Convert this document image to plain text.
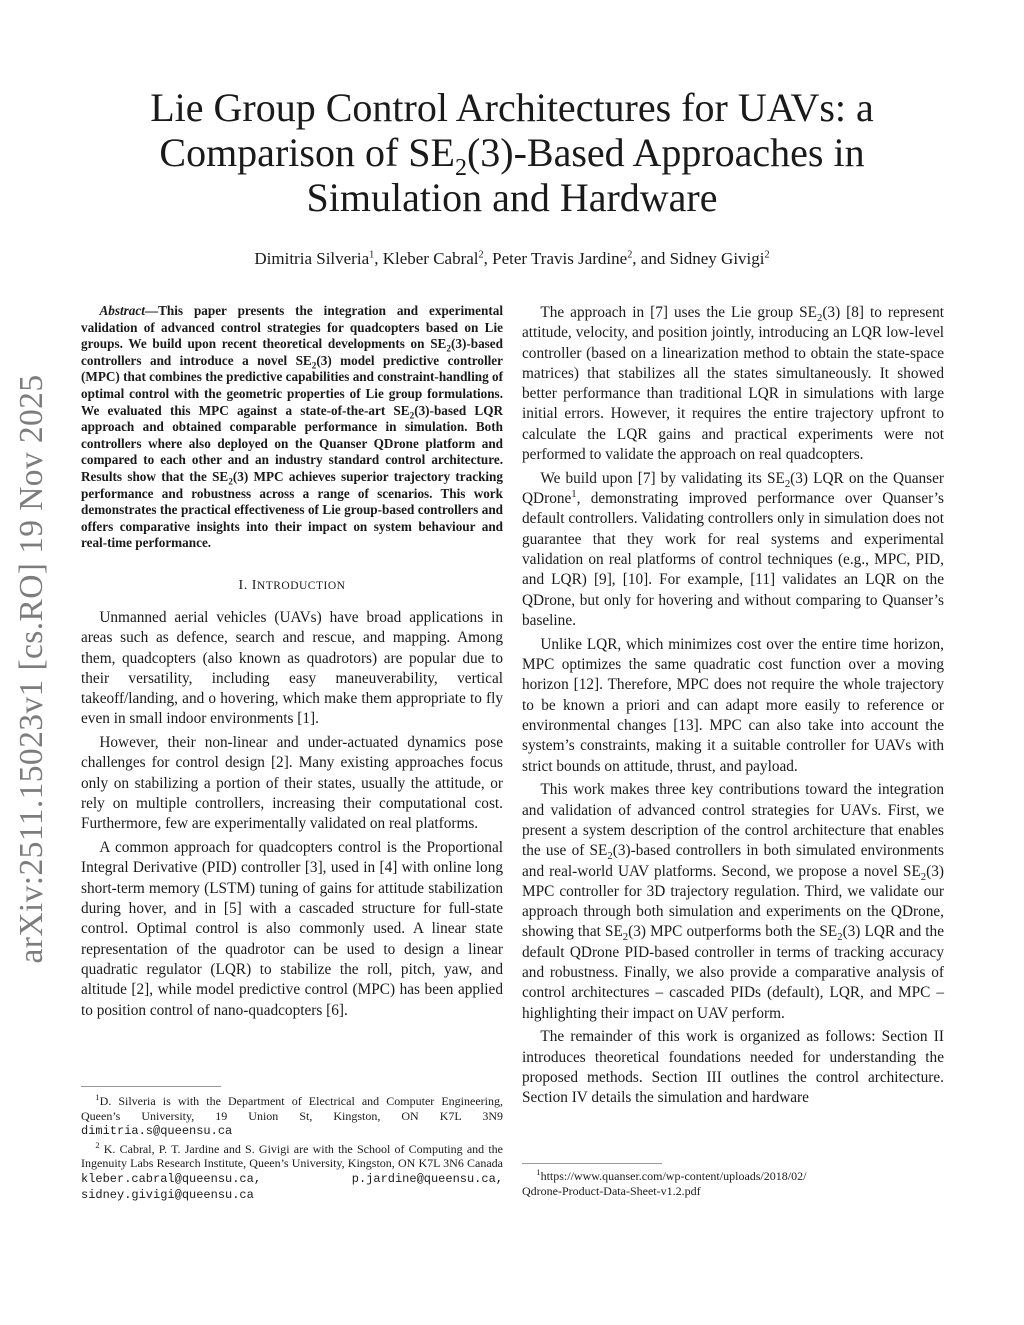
arXiv:2511.15023v1 [cs.RO] 19 Nov 2025
Lie Group Control Architectures for UAVs: a
Comparison of $SE_2(3)$-Based Approaches in
Simulation and Hardware
Dimitria Silveria$^1$, Kleber Cabral$^2$, Peter Travis Jardine$^2$, and Sidney Givigi$^2$

Abstract—This paper presents the integration and experimental validation of advanced control strategies for quadcopters based on Lie groups. We build upon recent theoretical developments on $SE_2(3)$-based controllers and introduce a novel $SE_2(3)$ model predictive controller (MPC) that combines the predictive capabilities and constraint-handling of optimal control with the geometric properties of Lie group formulations. We evaluated this MPC against a state-of-the-art $SE_2(3)$-based LQR approach and obtained comparable performance in simulation. Both controllers where also deployed on the Quanser QDrone platform and compared to each other and an industry standard control architecture. Results show that the $SE_2(3)$ MPC achieves superior trajectory tracking performance and robustness across a range of scenarios. This work demonstrates the practical effectiveness of Lie group-based controllers and offers comparative insights into their impact on system behaviour and real-time performance.

I. INTRODUCTION

Unmanned aerial vehicles (UAVs) have broad applications in areas such as defence, search and rescue, and mapping. Among them, quadcopters (also known as quadrotors) are popular due to their versatility, including easy maneuverability, vertical takeoff/landing, and o hovering, which make them appropriate to fly even in small indoor environments [1].

However, their non-linear and under-actuated dynamics pose challenges for control design [2]. Many existing approaches focus only on stabilizing a portion of their states, usually the attitude, or rely on multiple controllers, increasing their computational cost. Furthermore, few are experimentally validated on real platforms.

A common approach for quadcopters control is the Proportional Integral Derivative (PID) controller [3], used in [4] with online long short-term memory (LSTM) tuning of gains for attitude stabilization during hover, and in [5] with a cascaded structure for full-state control. Optimal control is also commonly used. A linear state representation of the quadrotor can be used to design a linear quadratic regulator (LQR) to stabilize the roll, pitch, yaw, and altitude [2], while model predictive control (MPC) has been applied to position control of nano-quadcopters [6].

$^1$D. Silveria is with the Department of Electrical and Computer Engineering, Queen’s University, 19 Union St, Kingston, ON K7L 3N9 dimitria.s@queensu.ca

$^2$ K. Cabral, P. T. Jardine and S. Givigi are with the School of Computing and the Ingenuity Labs Research Institute, Queen’s University, Kingston, ON K7L 3N6 Canada kleber.cabral@queensu.ca, p.jardine@queensu.ca, sidney.givigi@queensu.ca

The approach in [7] uses the Lie group $SE_2(3)$ [8] to represent attitude, velocity, and position jointly, introducing an LQR low-level controller (based on a linearization method to obtain the state-space matrices) that stabilizes all the states simultaneously. It showed better performance than traditional LQR in simulations with large initial errors. However, it requires the entire trajectory upfront to calculate the LQR gains and practical experiments were not performed to validate the approach on real quadcopters.

We build upon [7] by validating its $SE_2(3)$ LQR on the Quanser QDrone$^1$, demonstrating improved performance over Quanser’s default controllers. Validating controllers only in simulation does not guarantee that they work for real systems and experimental validation on real platforms of control techniques (e.g., MPC, PID, and LQR) [9], [10]. For example, [11] validates an LQR on the QDrone, but only for hovering and without comparing to Quanser’s baseline.

Unlike LQR, which minimizes cost over the entire time horizon, MPC optimizes the same quadratic cost function over a moving horizon [12]. Therefore, MPC does not require the whole trajectory to be known a priori and can adapt more easily to reference or environmental changes [13]. MPC can also take into account the system’s constraints, making it a suitable controller for UAVs with strict bounds on attitude, thrust, and payload.

This work makes three key contributions toward the integration and validation of advanced control strategies for UAVs. First, we present a system description of the control architecture that enables the use of $SE_2(3)$-based controllers in both simulated environments and real-world UAV platforms. Second, we propose a novel $SE_2(3)$ MPC controller for 3D trajectory regulation. Third, we validate our approach through both simulation and experiments on the QDrone, showing that $SE_2(3)$ MPC outperforms both the $SE_2(3)$ LQR and the default QDrone PID-based controller in terms of tracking accuracy and robustness. Finally, we also provide a comparative analysis of control architectures – cascaded PIDs (default), LQR, and MPC – highlighting their impact on UAV perform.

The remainder of this work is organized as follows: Section II introduces theoretical foundations needed for understanding the proposed methods. Section III outlines the control architecture. Section IV details the simulation and hardware

$^1$https://www.quanser.com/wp-content/uploads/2018/02/
Qdrone-Product-Data-Sheet-v1.2.pdf
